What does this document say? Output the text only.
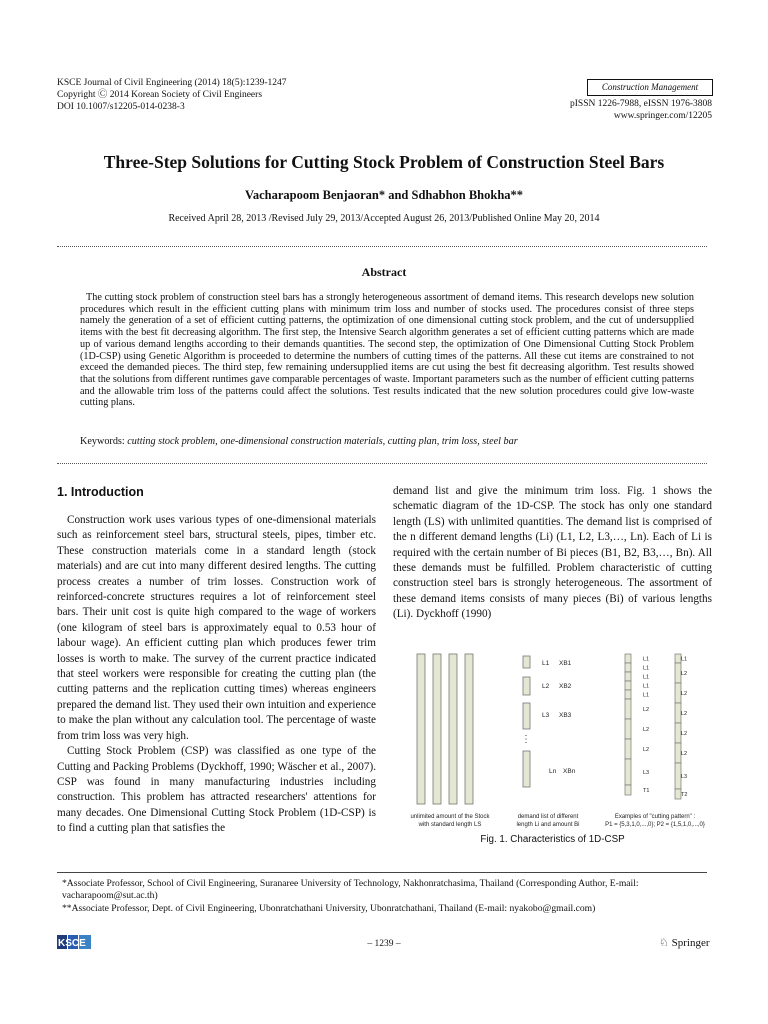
KSCE Journal of Civil Engineering (2014) 18(5):1239-1247
Copyright Ⓒ 2014 Korean Society of Civil Engineers
DOI 10.1007/s12205-014-0238-3
Construction Management
pISSN 1226-7988, eISSN 1976-3808
www.springer.com/12205
Three-Step Solutions for Cutting Stock Problem of Construction Steel Bars
Vacharapoom Benjaoran* and Sdhabhon Bhokha**
Received April 28, 2013 /Revised July 29, 2013/Accepted August 26, 2013/Published Online May 20, 2014
Abstract

The cutting stock problem of construction steel bars has a strongly heterogeneous assortment of demand items. This research develops new solution procedures which result in the efficient cutting plans with minimum trim loss and number of stocks used. The procedures consist of three steps namely the generation of a set of efficient cutting patterns, the optimization of one dimensional cutting stock problem, and the cut of undersupplied items with the best fit decreasing algorithm. The first step, the Intensive Search algorithm generates a set of efficient cutting patterns which are made up of various demand lengths according to their demands quantities. The second step, the optimization of One Dimensional Cutting Stock Problem (1D-CSP) using Genetic Algorithm is proceeded to determine the numbers of cutting times of the patterns. All these cut items are constrained to not exceed the demanded pieces. The third step, few remaining undersupplied items are cut using the best fit decreasing algorithm. Test results showed that the solutions from different runtimes gave comparable percentages of waste. Important parameters such as the number of efficient cutting patterns and the allowable trim loss of the patterns could affect the solutions. Test results indicated that the new solution procedures could give low-waste cutting plans.

Keywords: cutting stock problem, one-dimensional construction materials, cutting plan, trim loss, steel bar
1. Introduction

Construction work uses various types of one-dimensional materials such as reinforcement steel bars, structural steels, pipes, timber etc. These construction materials come in a standard length (stock materials) and are cut into many different desired lengths. The cutting process creates a number of trim losses. Construction work of reinforced-concrete structures requires a lot of reinforcement steel bars. Their unit cost is quite high compared to the wage of workers (one kilogram of steel bars is approximately equal to 0.53 hour of labour wage). An efficient cutting plan which produces fewer trim losses is worth to make. The survey of the current practice indicated that steel workers were responsible for creating the cutting plan (the cutting patterns and the replication cutting times) whereas engineers prepared the demand list. They used their own intuition and experience to make the plan without any calculation tool. The percentage of waste from trim loss was very high.

Cutting Stock Problem (CSP) was classified as one type of the Cutting and Packing Problems (Dyckhoff, 1990; Wäscher et al., 2007). CSP was found in many manufacturing industries including construction. This problem has attracted researchers' attentions for many decades. One Dimensional Cutting Stock Problem (1D-CSP) is to find a cutting plan that satisfies the

demand list and give the minimum trim loss. Fig. 1 shows the schematic diagram of the 1D-CSP. The stock has only one standard length (LS) with unlimited quantities. The demand list is comprised of the n different demand lengths (Li) (L1, L2, L3,…, Ln). Each of Li is required with the certain number of Bi pieces (B1, B2, B3,…, Bn). All these demands must be fulfilled. Problem characteristic of cutting construction steel bars is strongly heterogeneous. The assortment of these demand items consists of many pieces (Bi) of various lengths (Li). Dyckhoff (1990)

⋮
L1 XB1
L2 XB2
L3 XB3
Ln XBn
L1
L1
L1
L1
L1
L2
L2
L2
L3
T1
L1
L2
L2
L2
L2
L2
L3
T2
unlimited amount of the Stock
with standard length LS
demand list of different
length Li and amount Bi
Examples of "cutting pattern" :
P1 = {5,3,1,0,...,0}; P2 = {1,5,1,0,...,0}
Fig. 1. Characteristics of 1D-CSP
*Associate Professor, School of Civil Engineering, Suranaree University of Technology, Nakhonratchasima, Thailand (Corresponding Author, E-mail: vacharapoom@sut.ac.th)
**Associate Professor, Dept. of Civil Engineering, Ubonratchathani University, Ubonratchathani, Thailand (E-mail: nyakobo@gmail.com)
KSCE	– 1239 –	♘ Springer
